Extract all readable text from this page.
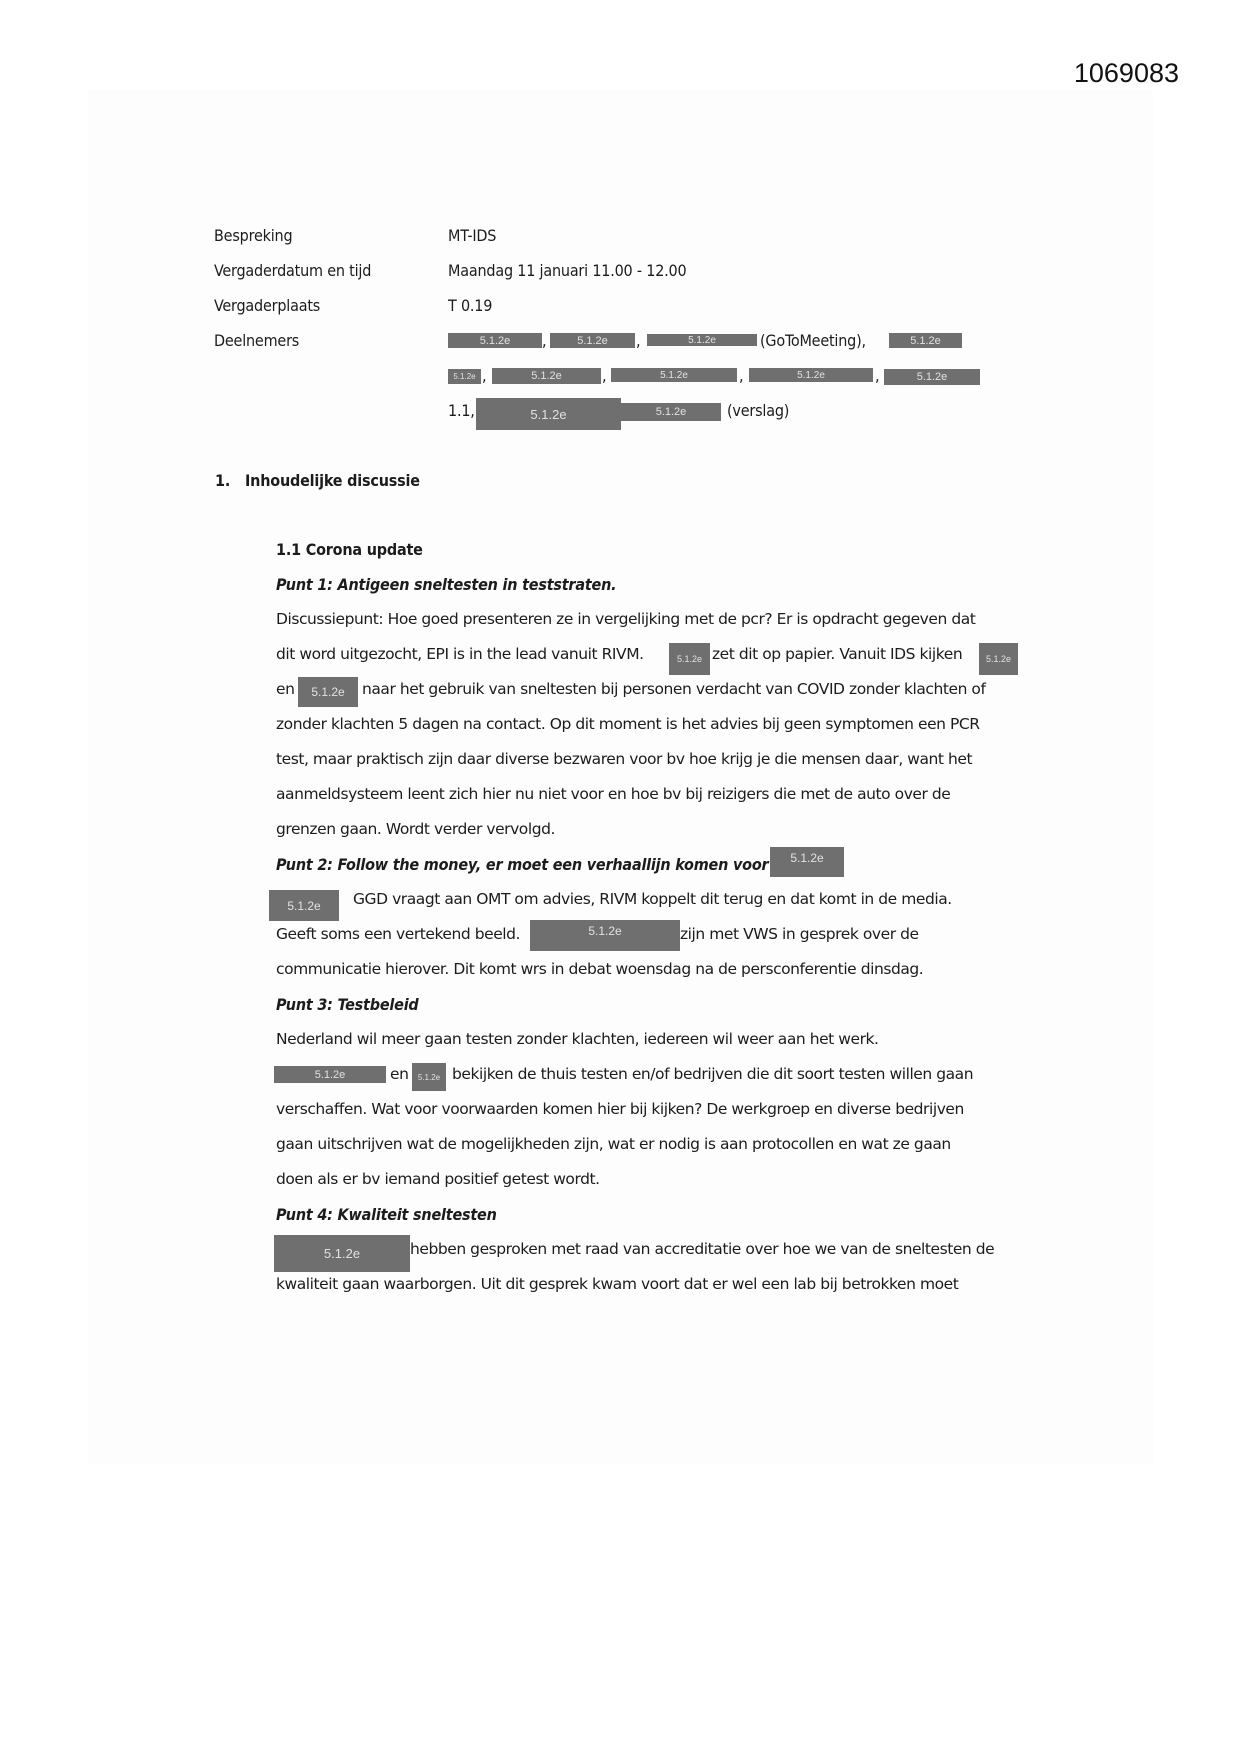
1069083
Bespreking	MT-IDS
Vergaderdatum en tijd	Maandag 11 januari 11.00 - 12.00
Vergaderplaats	T 0.19
Deelnemers	5.1.2e	,	5.1.2e	,	5.1.2e	(GoToMeeting),	5.1.2e
5.1.2e ,	5.1.2e	,	5.1.2e	,	5.1.2e	,	5.1.2e
1.1,	5.1.2e	5.1.2e	(verslag)
1. Inhoudelijke discussie
1.1 Corona update
Punt 1: Antigeen sneltesten in teststraten.
Discussiepunt: Hoe goed presenteren ze in vergelijking met de pcr? Er is opdracht gegeven dat
dit word uitgezocht, EPI is in the lead vanuit RIVM.	zet dit op papier. Vanuit IDS kijken
en	naar het gebruik van sneltesten bij personen verdacht van COVID zonder klachten of
zonder klachten 5 dagen na contact. Op dit moment is het advies bij geen symptomen een PCR
test, maar praktisch zijn daar diverse bezwaren voor bv hoe krijg je die mensen daar, want het
aanmeldsysteem leent zich hier nu niet voor en hoe bv bij reizigers die met de auto over de
grenzen gaan. Wordt verder vervolgd.
5.1.2e	5.1.2e
5.1.2e
Punt 2: Follow the money, er moet een verhaallijn komen voor	5.1.2e
5.1.2e	GGD vraagt aan OMT om advies, RIVM koppelt dit terug en dat komt in de media.
Geeft soms een vertekend beeld.	zijn met VWS in gesprek over de
communicatie hierover. Dit komt wrs in debat woensdag na de persconferentie dinsdag.
5.1.2e
Punt 3: Testbeleid
Nederland wil meer gaan testen zonder klachten, iedereen wil weer aan het werk.
en	bekijken de thuis testen en/of bedrijven die dit soort testen willen gaan
verschaffen. Wat voor voorwaarden komen hier bij kijken? De werkgroep en diverse bedrijven
gaan uitschrijven wat de mogelijkheden zijn, wat er nodig is aan protocollen en wat ze gaan
doen als er bv iemand positief getest wordt.
5.1.2e	5.1.2e
Punt 4: Kwaliteit sneltesten
5.1.2e	hebben gesproken met raad van accreditatie over hoe we van de sneltesten de
kwaliteit gaan waarborgen. Uit dit gesprek kwam voort dat er wel een lab bij betrokken moet
